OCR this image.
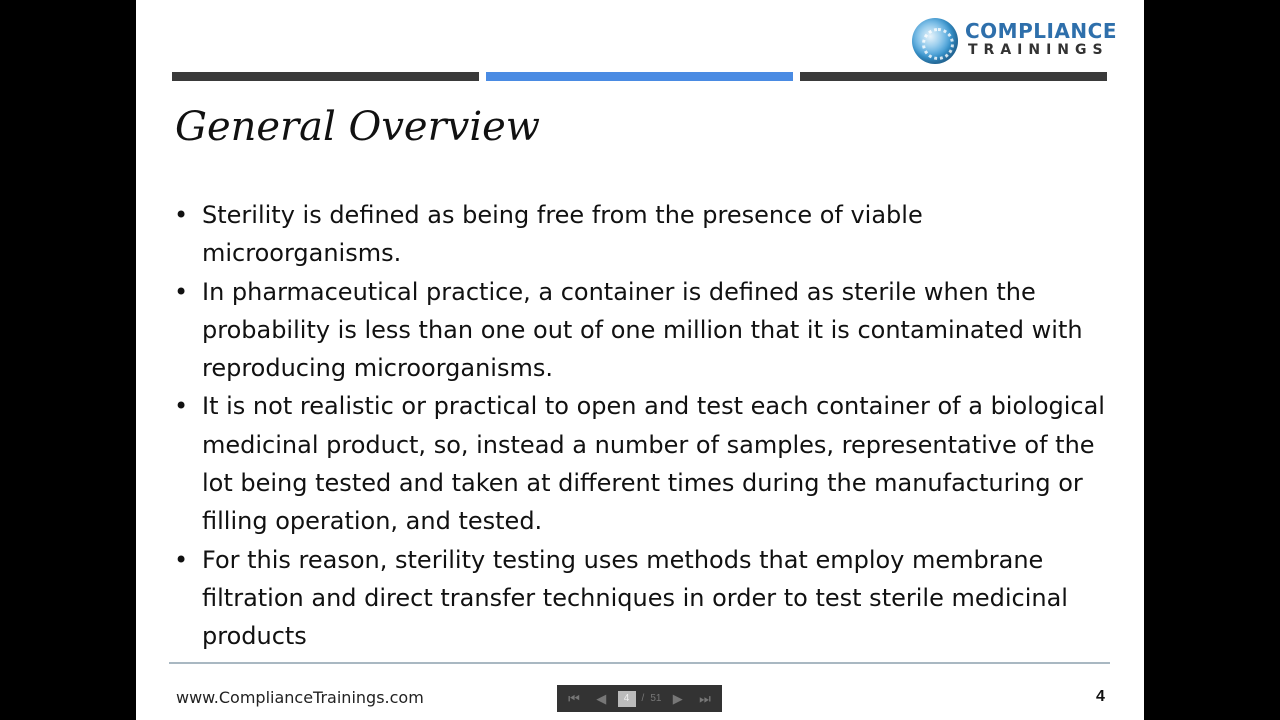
COMPLIANCE
TRAININGS
General Overview
• Sterility is defined as being free from the presence of viable microorganisms.
• In pharmaceutical practice, a container is defined as sterile when the probability is less than one out of one million that it is contaminated with reproducing microorganisms.
• It is not realistic or practical to open and test each container of a biological medicinal product, so, instead a number of samples, representative of the lot being tested and taken at different times during the manufacturing or filling operation, and tested.
• For this reason, sterility testing uses methods that employ membrane filtration and direct transfer techniques in order to test sterile medicinal products
www.ComplianceTrainings.com	4
⏮	◀	4	/ 51 ▶	⏭
